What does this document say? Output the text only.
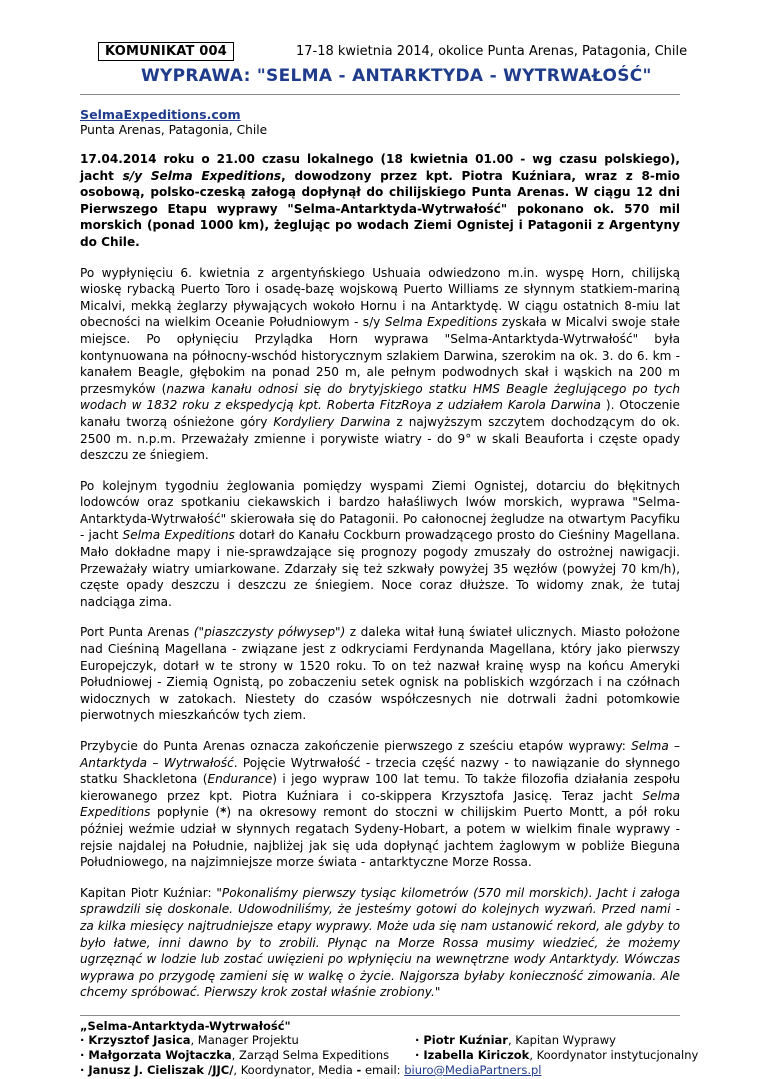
KOMUNIKAT 004	17-18 kwietnia 2014, okolice Punta Arenas, Patagonia, Chile
WYPRAWA: "SELMA - ANTARKTYDA - WYTRWAŁOŚĆ"
SelmaExpeditions.com
Punta Arenas, Patagonia, Chile

17.04.2014 roku o 21.00 czasu lokalnego (18 kwietnia 01.00 - wg czasu polskiego), jacht s/y Selma Expeditions, dowodzony przez kpt. Piotra Kuźniara, wraz z 8-mio osobową, polsko-czeską załogą dopłynął do chilijskiego Punta Arenas. W ciągu 12 dni Pierwszego Etapu wyprawy "Selma-Antarktyda-Wytrwałość" pokonano ok. 570 mil morskich (ponad 1000 km), żeglując po wodach Ziemi Ognistej i Patagonii z Argentyny do Chile.

Po wypłynięciu 6. kwietnia z argentyńskiego Ushuaia odwiedzono m.in. wyspę Horn, chilijską wioskę rybacką Puerto Toro i osadę-bazę wojskową Puerto Williams ze słynnym statkiem-mariną Micalvi, mekką żeglarzy pływających wokoło Hornu i na Antarktydę. W ciągu ostatnich 8-miu lat obecności na wielkim Oceanie Południowym - s/y Selma Expeditions zyskała w Micalvi swoje stałe miejsce. Po opłynięciu Przylądka Horn wyprawa "Selma-Antarktyda-Wytrwałość" była kontynuowana na północny-wschód historycznym szlakiem Darwina, szerokim na ok. 3. do 6. km - kanałem Beagle, głębokim na ponad 250 m, ale pełnym podwodnych skał i wąskich na 200 m przesmyków (nazwa kanału odnosi się do brytyjskiego statku HMS Beagle żeglującego po tych wodach w 1832 roku z ekspedycją kpt. Roberta FitzRoya z udziałem Karola Darwina ). Otoczenie kanału tworzą ośnieżone góry Kordyliery Darwina z najwyższym szczytem dochodzącym do ok. 2500 m. n.p.m. Przeważały zmienne i porywiste wiatry - do 9° w skali Beauforta i częste opady deszczu ze śniegiem.

Po kolejnym tygodniu żeglowania pomiędzy wyspami Ziemi Ognistej, dotarciu do błękitnych lodowców oraz spotkaniu ciekawskich i bardzo hałaśliwych lwów morskich, wyprawa "Selma-Antarktyda-Wytrwałość" skierowała się do Patagonii. Po całonocnej żegludze na otwartym Pacyfiku - jacht Selma Expeditions dotarł do Kanału Cockburn prowadzącego prosto do Cieśniny Magellana. Mało dokładne mapy i nie-sprawdzające się prognozy pogody zmuszały do ostrożnej nawigacji. Przeważały wiatry umiarkowane. Zdarzały się też szkwały powyżej 35 węzłów (powyżej 70 km/h), częste opady deszczu i deszczu ze śniegiem. Noce coraz dłuższe. To widomy znak, że tutaj nadciąga zima.

Port Punta Arenas ("piaszczysty półwysep") z daleka witał łuną świateł ulicznych. Miasto położone nad Cieśniną Magellana - związane jest z odkryciami Ferdynanda Magellana, który jako pierwszy Europejczyk, dotarł w te strony w 1520 roku. To on też nazwał krainę wysp na końcu Ameryki Południowej - Ziemią Ognistą, po zobaczeniu setek ognisk na pobliskich wzgórzach i na czółnach widocznych w zatokach. Niestety do czasów współczesnych nie dotrwali żadni potomkowie pierwotnych mieszkańców tych ziem.

Przybycie do Punta Arenas oznacza zakończenie pierwszego z sześciu etapów wyprawy: Selma – Antarktyda – Wytrwałość. Pojęcie Wytrwałość - trzecia część nazwy - to nawiązanie do słynnego statku Shackletona (Endurance) i jego wypraw 100 lat temu. To także filozofia działania zespołu kierowanego przez kpt. Piotra Kuźniara i co-skippera Krzysztofa Jasicę. Teraz jacht Selma Expeditions popłynie (*) na okresowy remont do stoczni w chilijskim Puerto Montt, a pół roku później weźmie udział w słynnych regatach Sydeny-Hobart, a potem w wielkim finale wyprawy - rejsie najdalej na Południe, najbliżej jak się uda dopłynąć jachtem żaglowym w pobliże Bieguna Południowego, na najzimniejsze morze świata - antarktyczne Morze Rossa.

Kapitan Piotr Kuźniar: "Pokonaliśmy pierwszy tysiąc kilometrów (570 mil morskich). Jacht i załoga sprawdzili się doskonale. Udowodniliśmy, że jesteśmy gotowi do kolejnych wyzwań. Przed nami - za kilka miesięcy najtrudniejsze etapy wyprawy. Może uda się nam ustanowić rekord, ale gdyby to było łatwe, inni dawno by to zrobili. Płynąc na Morze Rossa musimy wiedzieć, że możemy ugrzęznąć w lodzie lub zostać uwięzieni po wpłynięciu na wewnętrzne wody Antarktydy. Wówczas wyprawa po przygodę zamieni się w walkę o życie. Najgorsza byłaby konieczność zimowania. Ale chcemy spróbować. Pierwszy krok został właśnie zrobiony."

„Selma-Antarktyda-Wytrwałość"
· Krzysztof Jasica, Manager Projektu	· Piotr Kuźniar, Kapitan Wyprawy
· Małgorzata Wojtaczka, Zarząd Selma Expeditions · Izabella Kiriczok, Koordynator instytucjonalny
· Janusz J. Cieliszak /JJC/, Koordynator, Media - email: biuro@MediaPartners.pl
